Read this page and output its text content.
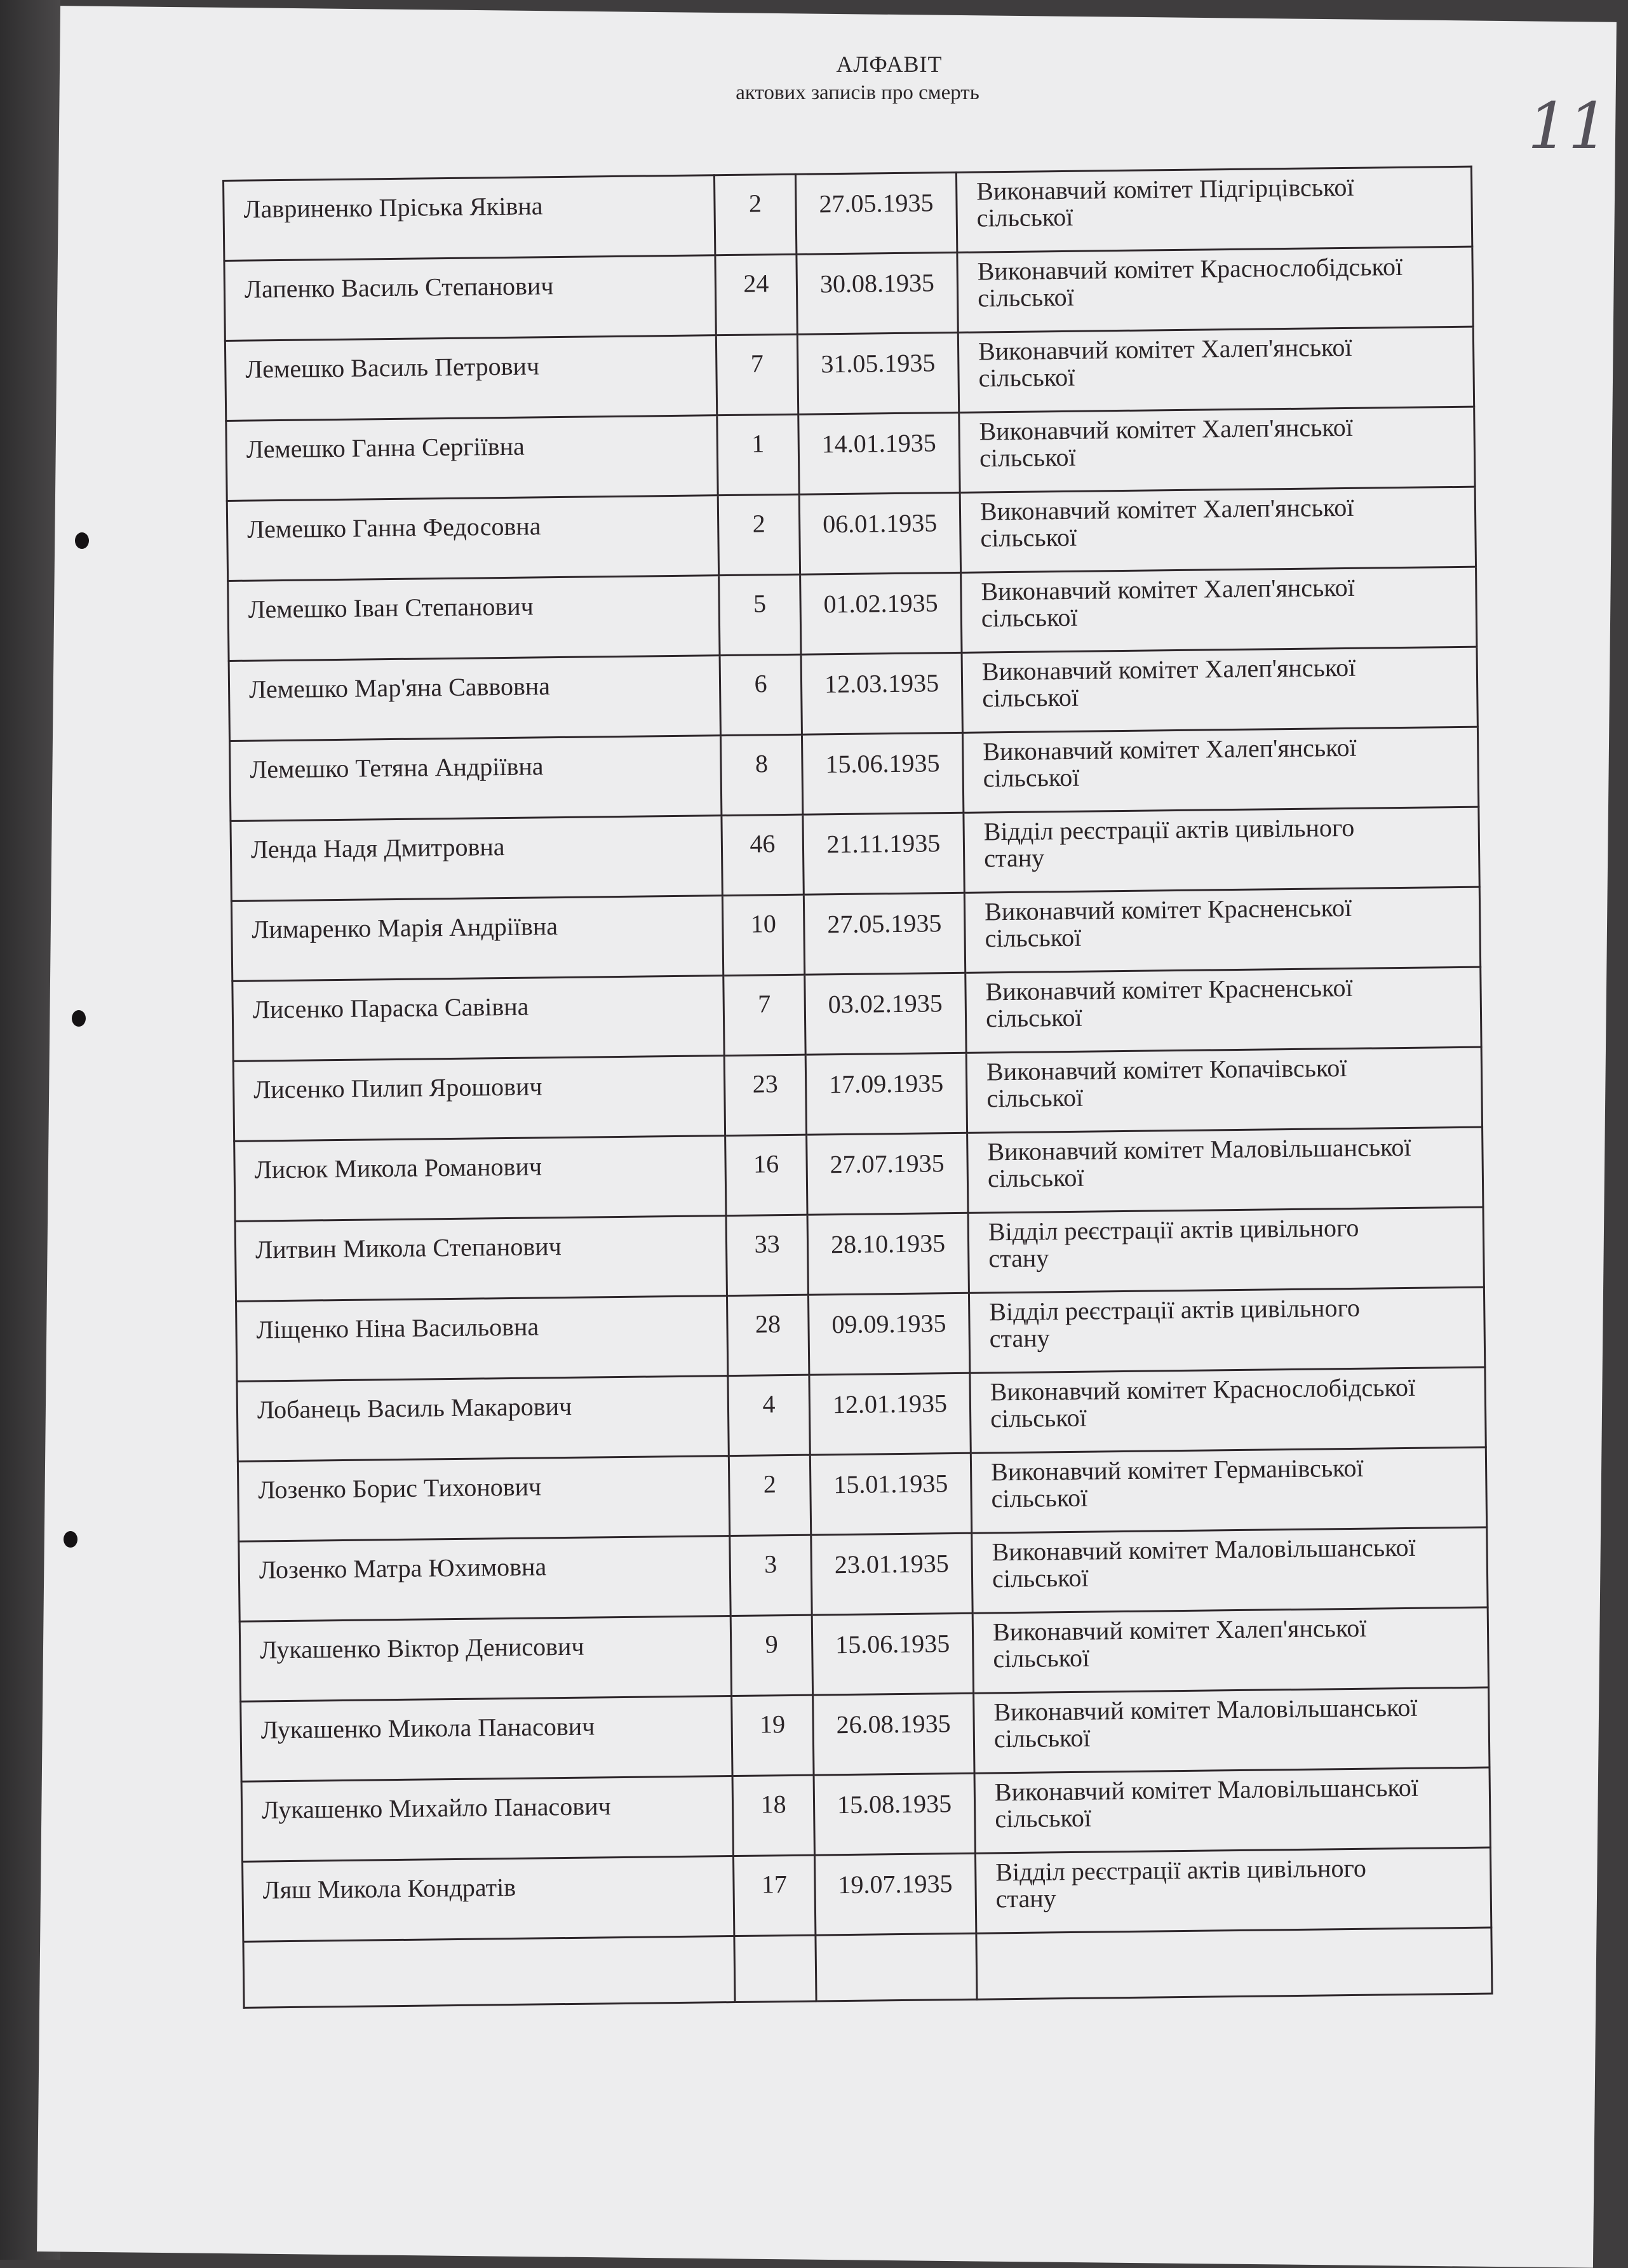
АЛФАВІТ
актових записів про смерть	11
Лавриненко Пріська Яківна	2	27.05.1935	Виконавчий комітет Підгірцівської
сільської

Лапенко Василь Степанович	24	30.08.1935	Виконавчий комітет Краснослобідської
сільської

Лемешко Василь Петрович	7	31.05.1935	Виконавчий комітет Халеп'янської
сільської

Лемешко Ганна Сергіївна	1	14.01.1935	Виконавчий комітет Халеп'янської
сільської

Лемешко Ганна Федосовна	2	06.01.1935	Виконавчий комітет Халеп'янської
сільської

Лемешко Іван Степанович	5	01.02.1935	Виконавчий комітет Халеп'янської
сільської

Лемешко Мар'яна Саввовна	6	12.03.1935	Виконавчий комітет Халеп'янської
сільської

Лемешко Тетяна Андріївна	8	15.06.1935	Виконавчий комітет Халеп'янської
сільської

Ленда Надя Дмитровна	46	21.11.1935	Відділ реєстрації актів цивільного
стану

Лимаренко Марія Андріївна	10	27.05.1935	Виконавчий комітет Красненської
сільської

Лисенко Параска Савівна	7	03.02.1935	Виконавчий комітет Красненської
сільської

Лисенко Пилип Ярошович	23	17.09.1935	Виконавчий комітет Копачівської
сільської

Лисюк Микола Романович	16	27.07.1935	Виконавчий комітет Маловільшанської
сільської

Литвин Микола Степанович	33	28.10.1935	Відділ реєстрації актів цивільного
стану

Ліщенко Ніна Васильовна	28	09.09.1935	Відділ реєстрації актів цивільного
стану

Лобанець Василь Макарович	4	12.01.1935	Виконавчий комітет Краснослобідської
сільської

Лозенко Борис Тихонович	2	15.01.1935	Виконавчий комітет Германівської
сільської

Лозенко Матра Юхимовна	3	23.01.1935	Виконавчий комітет Маловільшанської
сільської

Лукашенко Віктор Денисович	9	15.06.1935	Виконавчий комітет Халеп'янської
сільської

Лукашенко Микола Панасович	19	26.08.1935	Виконавчий комітет Маловільшанської
сільської

Лукашенко Михайло Панасович	18	15.08.1935	Виконавчий комітет Маловільшанської
сільської

Ляш Микола Кондратів	17	19.07.1935	Відділ реєстрації актів цивільного
стану
